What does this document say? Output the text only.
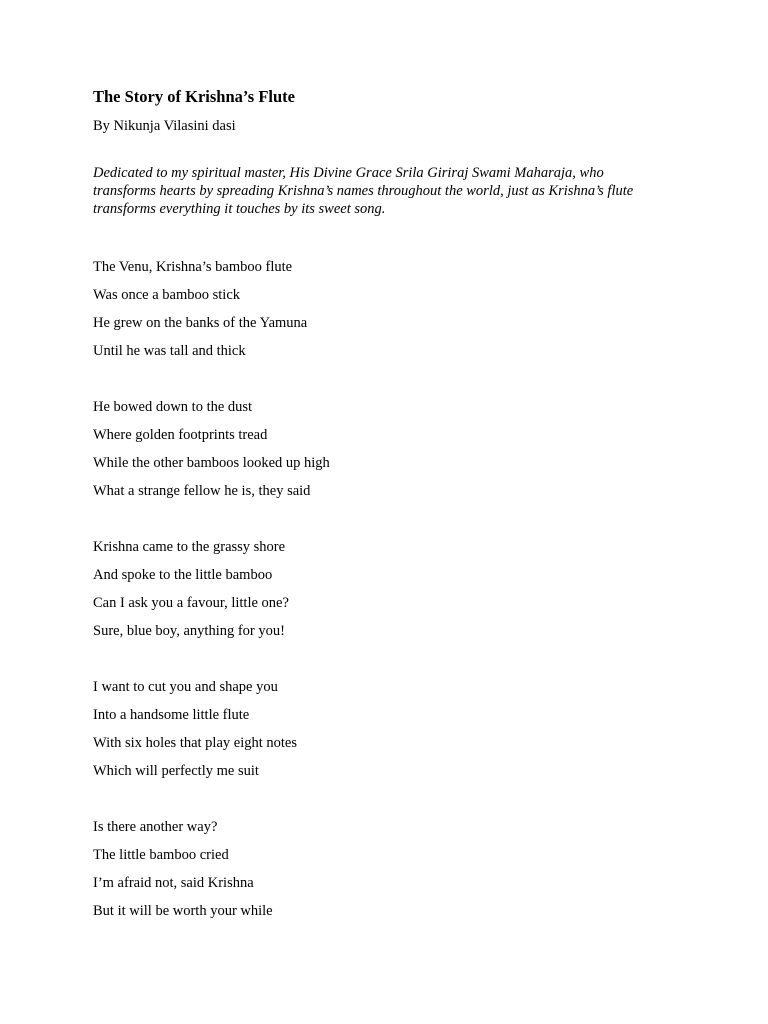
The Story of Krishna’s Flute

By Nikunja Vilasini dasi

Dedicated to my spiritual master, His Divine Grace Srila Giriraj Swami Maharaja, who transforms hearts by spreading Krishna’s names throughout the world, just as Krishna’s flute transforms everything it touches by its sweet song.

The Venu, Krishna’s bamboo flute
Was once a bamboo stick
He grew on the banks of the Yamuna
Until he was tall and thick
He bowed down to the dust
Where golden footprints tread
While the other bamboos looked up high
What a strange fellow he is, they said
Krishna came to the grassy shore
And spoke to the little bamboo
Can I ask you a favour, little one?
Sure, blue boy, anything for you!
I want to cut you and shape you
Into a handsome little flute
With six holes that play eight notes
Which will perfectly me suit
Is there another way?
The little bamboo cried
I’m afraid not, said Krishna
But it will be worth your while
